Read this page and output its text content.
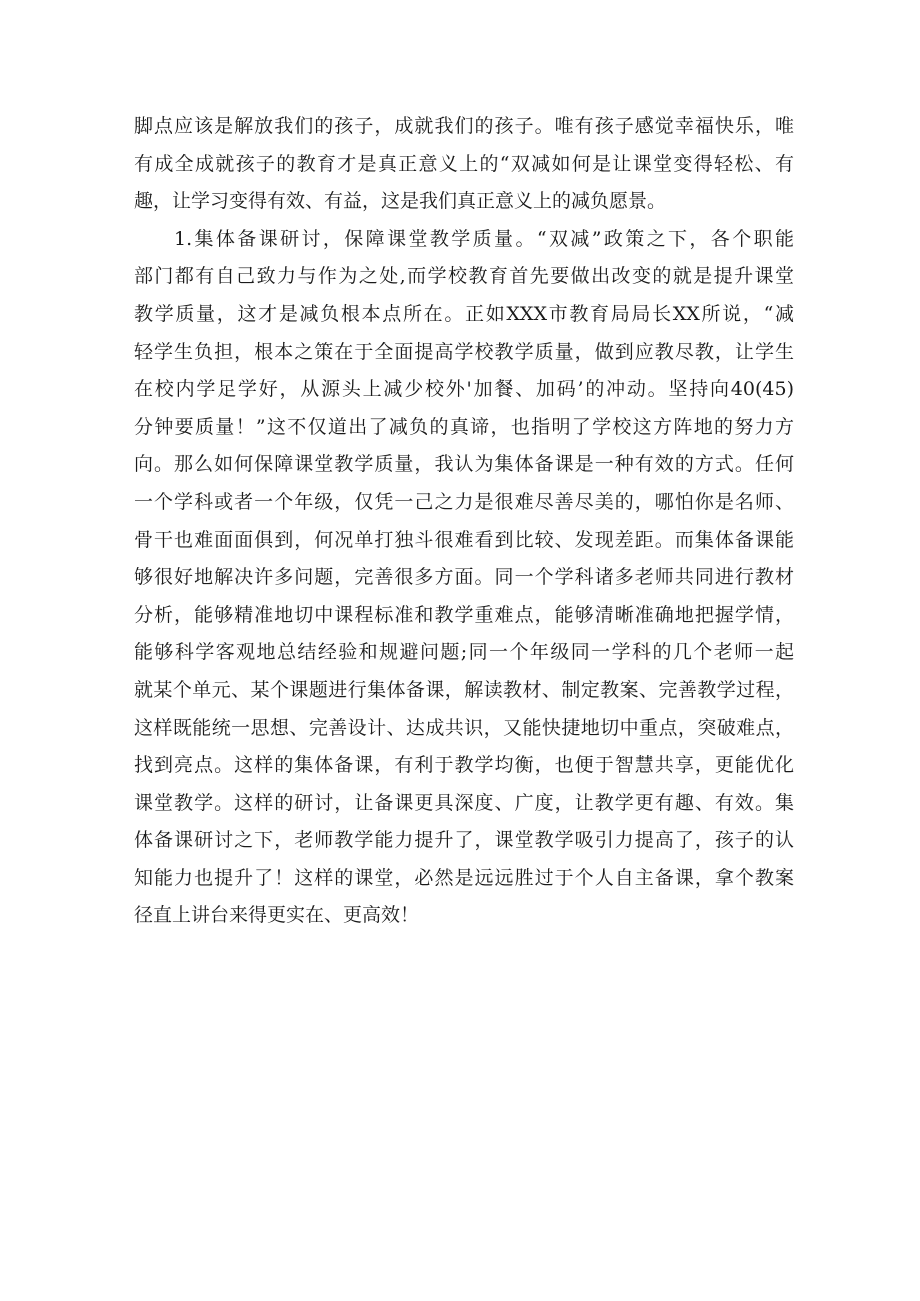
脚点应该是解放我们的孩子，成就我们的孩子。唯有孩子感觉幸福快乐，唯
有成全成就孩子的教育才是真正意义上的“双减如何是让课堂变得轻松、有
趣，让学习变得有效、有益，这是我们真正意义上的减负愿景。
1.集体备课研讨，保障课堂教学质量。“双减”政策之下，各个职能
部门都有自己致力与作为之处,而学校教育首先要做出改变的就是提升课堂
教学质量，这才是减负根本点所在。正如XXX市教育局局长XX所说，“减
轻学生负担，根本之策在于全面提高学校教学质量，做到应教尽教，让学生
在校内学足学好，从源头上减少校外'加餐、加码’的冲动。坚持向40(45)
分钟要质量！”这不仅道出了减负的真谛，也指明了学校这方阵地的努力方
向。那么如何保障课堂教学质量，我认为集体备课是一种有效的方式。任何
一个学科或者一个年级，仅凭一己之力是很难尽善尽美的，哪怕你是名师、
骨干也难面面俱到，何况单打独斗很难看到比较、发现差距。而集体备课能
够很好地解决许多问题，完善很多方面。同一个学科诸多老师共同进行教材
分析，能够精准地切中课程标准和教学重难点，能够清晰准确地把握学情，
能够科学客观地总结经验和规避问题;同一个年级同一学科的几个老师一起
就某个单元、某个课题进行集体备课，解读教材、制定教案、完善教学过程，
这样既能统一思想、完善设计、达成共识，又能快捷地切中重点，突破难点，
找到亮点。这样的集体备课，有利于教学均衡，也便于智慧共享，更能优化
课堂教学。这样的研讨，让备课更具深度、广度，让教学更有趣、有效。集
体备课研讨之下，老师教学能力提升了，课堂教学吸引力提高了，孩子的认
知能力也提升了！这样的课堂，必然是远远胜过于个人自主备课，拿个教案
径直上讲台来得更实在、更高效！
